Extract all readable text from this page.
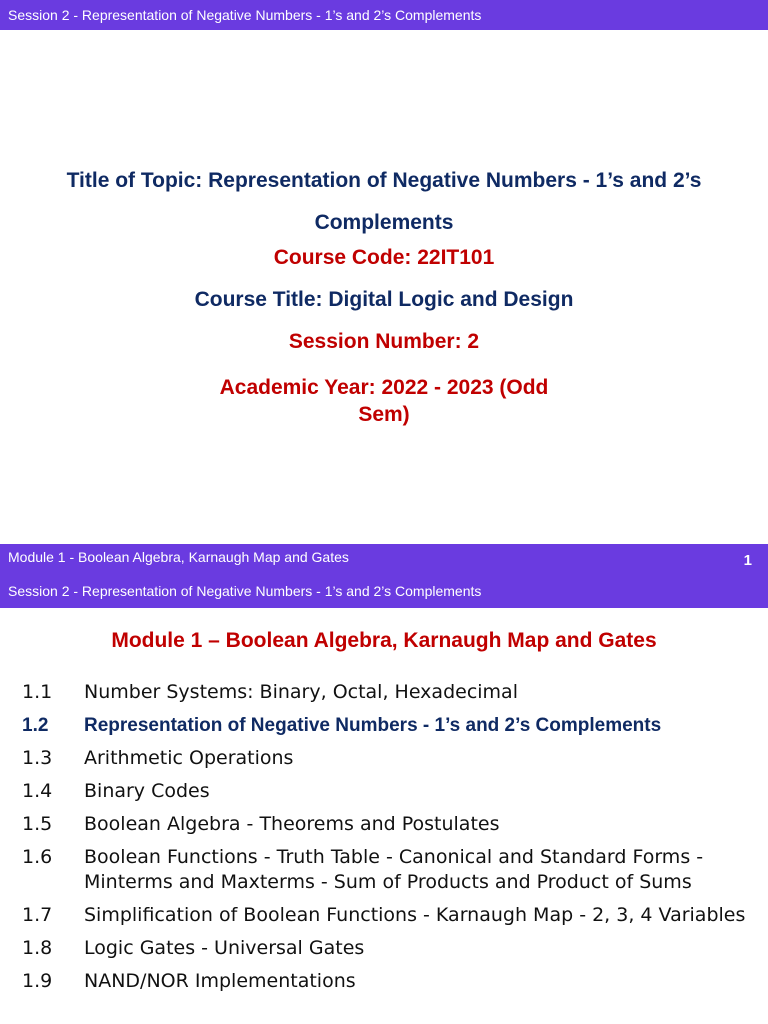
Session 2 - Representation of Negative Numbers - 1’s and 2’s Complements
Title of Topic: Representation of Negative Numbers - 1’s and 2’s Complements
Course Code: 22IT101
Course Title: Digital Logic and Design
Session Number: 2
Academic Year: 2022 - 2023 (Odd Sem)
Module 1 - Boolean Algebra, Karnaugh Map and Gates	1
Session 2 - Representation of Negative Numbers - 1’s and 2’s Complements
Module 1 – Boolean Algebra, Karnaugh Map and Gates
1.1	Number Systems: Binary, Octal, Hexadecimal
1.2	Representation of Negative Numbers - 1’s and 2’s Complements
1.3	Arithmetic Operations
1.4	Binary Codes
1.5	Boolean Algebra - Theorems and Postulates
1.6	Boolean Functions - Truth Table - Canonical and Standard Forms - Minterms and Maxterms - Sum of Products and Product of Sums
1.7	Simplification of Boolean Functions - Karnaugh Map - 2, 3, 4 Variables
1.8	Logic Gates - Universal Gates
1.9	NAND/NOR Implementations
